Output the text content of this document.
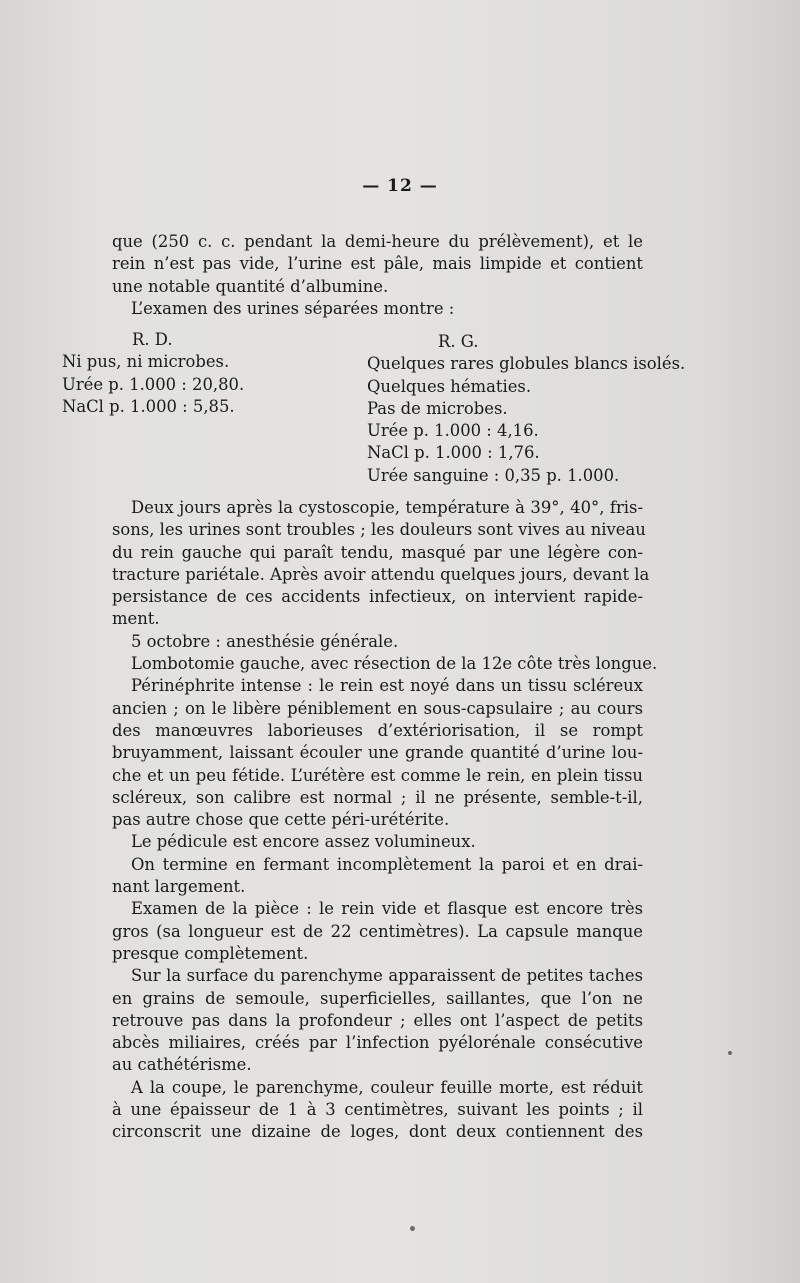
— 12 —
que (250 c. c. pendant la demi-heure du prélèvement), et le
rein n’est pas vide, l’urine est pâle, mais limpide et contient
une notable quantité d’albumine.
L’examen des urines séparées montre :
R. D.
Ni pus, ni microbes.
Urée p. 1.000 : 20,80.
NaCl p. 1.000 : 5,85.
R. G.
Quelques rares globules blancs isolés.
Quelques hématies.
Pas de microbes.
Urée p. 1.000 : 4,16.
NaCl p. 1.000 : 1,76.
Urée sanguine : 0,35 p. 1.000.
Deux jours après la cystoscopie, température à 39°, 40°, fris-
sons, les urines sont troubles ; les douleurs sont vives au niveau
du rein gauche qui paraît tendu, masqué par une légère con-
tracture pariétale. Après avoir attendu quelques jours, devant la
persistance de ces accidents infectieux, on intervient rapide-
ment.
5 octobre : anesthésie générale.
Lombotomie gauche, avec résection de la 12e côte très longue.
Périnéphrite intense : le rein est noyé dans un tissu scléreux
ancien ; on le libère péniblement en sous-capsulaire ; au cours
des manœuvres laborieuses d’extériorisation, il se rompt
bruyamment, laissant écouler une grande quantité d’urine lou-
che et un peu fétide. L’urétère est comme le rein, en plein tissu
scléreux, son calibre est normal ; il ne présente, semble-t-il,
pas autre chose que cette péri-urétérite.
Le pédicule est encore assez volumineux.
On termine en fermant incomplètement la paroi et en drai-
nant largement.
Examen de la pièce : le rein vide et flasque est encore très
gros (sa longueur est de 22 centimètres). La capsule manque
presque complètement.
Sur la surface du parenchyme apparaissent de petites taches
en grains de semoule, superficielles, saillantes, que l’on ne
retrouve pas dans la profondeur ; elles ont l’aspect de petits
abcès miliaires, créés par l’infection pyélorénale consécutive
au cathétérisme.
A la coupe, le parenchyme, couleur feuille morte, est réduit
à une épaisseur de 1 à 3 centimètres, suivant les points ; il
circonscrit une dizaine de loges, dont deux contiennent des
